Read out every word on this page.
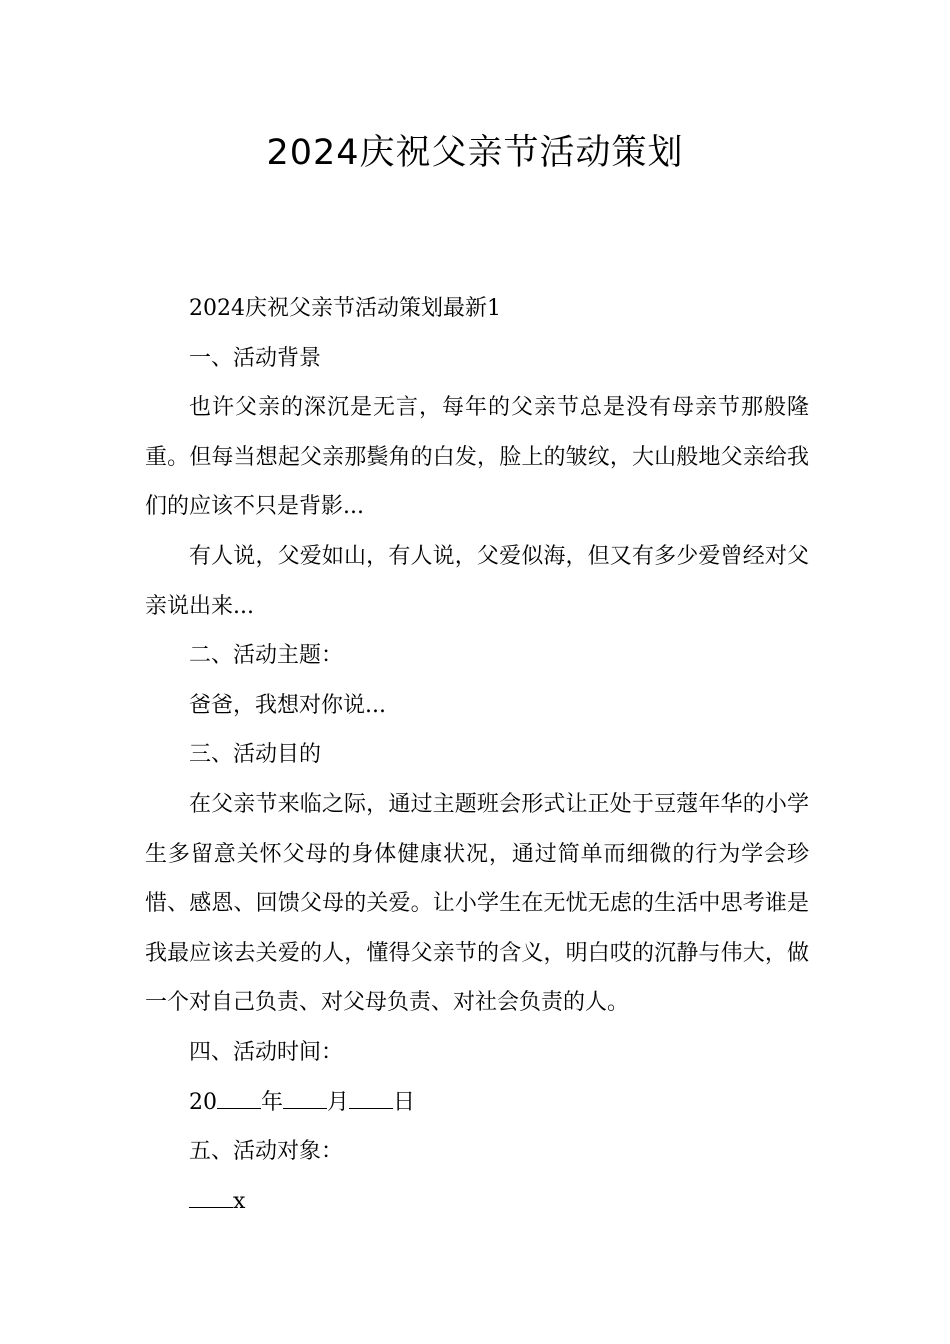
2024庆祝父亲节活动策划

2024庆祝父亲节活动策划最新1

一、活动背景

也许父亲的深沉是无言，每年的父亲节总是没有母亲节那般隆重。但每当想起父亲那鬓角的白发，脸上的皱纹，大山般地父亲给我们的应该不只是背影...

有人说，父爱如山，有人说，父爱似海，但又有多少爱曾经对父亲说出来...

二、活动主题：

爸爸，我想对你说...

三、活动目的

在父亲节来临之际，通过主题班会形式让正处于豆蔻年华的小学生多留意关怀父母的身体健康状况，通过简单而细微的行为学会珍惜、感恩、回馈父母的关爱。让小学生在无忧无虑的生活中思考谁是我最应该去关爱的人，懂得父亲节的含义，明白哎的沉静与伟大，做一个对自己负责、对父母负责、对社会负责的人。

四、活动时间：

20 年 月 日

五、活动对象：

x
